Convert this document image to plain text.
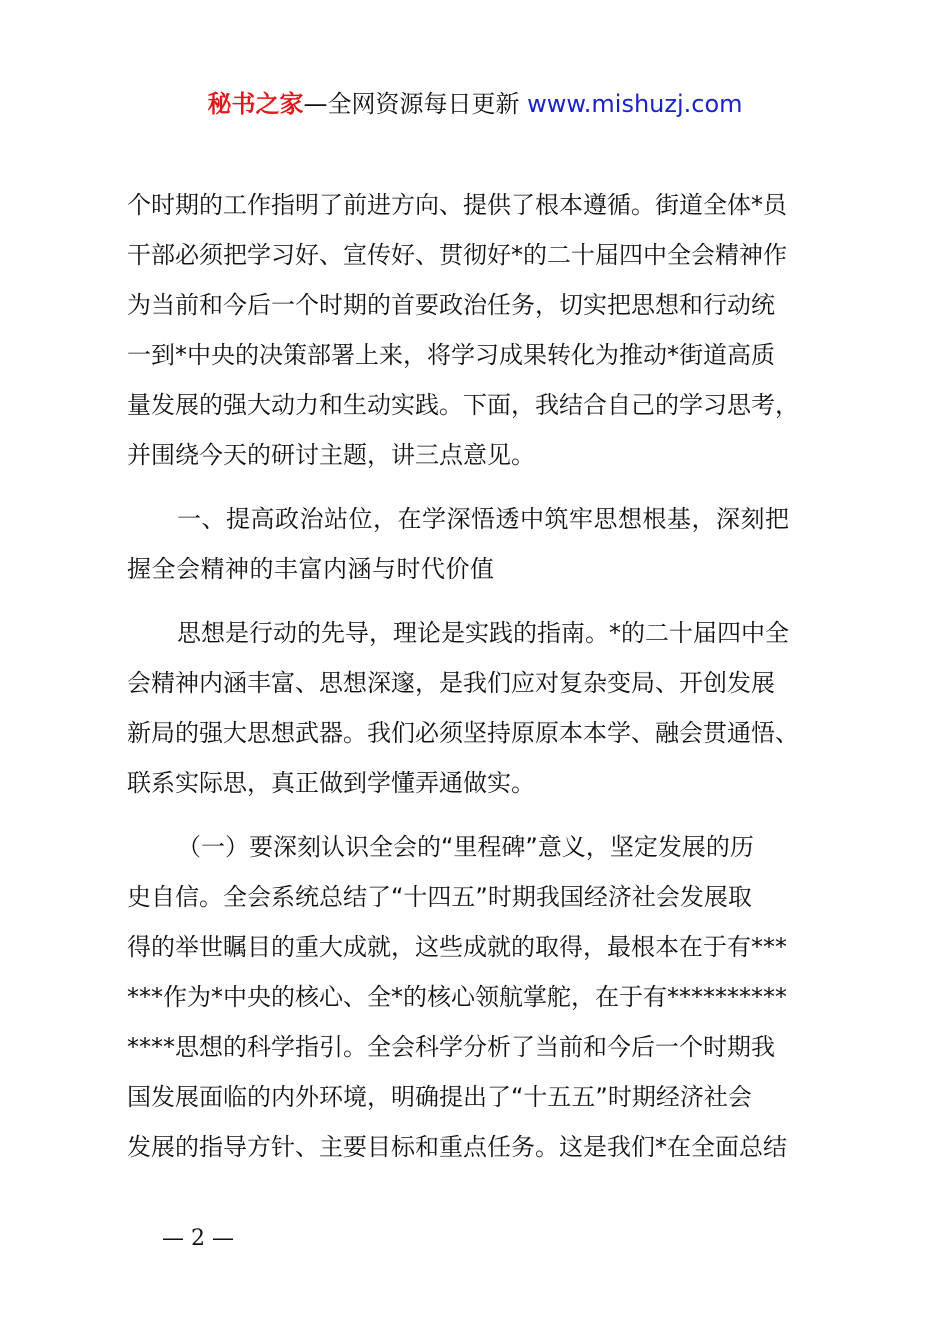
秘书之家—全网资源每日更新 www.mishuzj.com
个时期的工作指明了前进方向、提供了根本遵循。街道全体*员
干部必须把学习好、宣传好、贯彻好*的二十届四中全会精神作
为当前和今后一个时期的首要政治任务，切实把思想和行动统
一到*中央的决策部署上来，将学习成果转化为推动*街道高质
量发展的强大动力和生动实践。下面，我结合自己的学习思考，
并围绕今天的研讨主题，讲三点意见。
一、提高政治站位，在学深悟透中筑牢思想根基，深刻把
握全会精神的丰富内涵与时代价值
思想是行动的先导，理论是实践的指南。*的二十届四中全
会精神内涵丰富、思想深邃，是我们应对复杂变局、开创发展
新局的强大思想武器。我们必须坚持原原本本学、融会贯通悟、
联系实际思，真正做到学懂弄通做实。
（一）要深刻认识全会的“里程碑”意义，坚定发展的历
史自信。全会系统总结了“十四五”时期我国经济社会发展取
得的举世瞩目的重大成就，这些成就的取得，最根本在于有***
***作为*中央的核心、全*的核心领航掌舵，在于有**********
****思想的科学指引。全会科学分析了当前和今后一个时期我
国发展面临的内外环境，明确提出了“十五五”时期经济社会
发展的指导方针、主要目标和重点任务。这是我们*在全面总结
— 2 —
